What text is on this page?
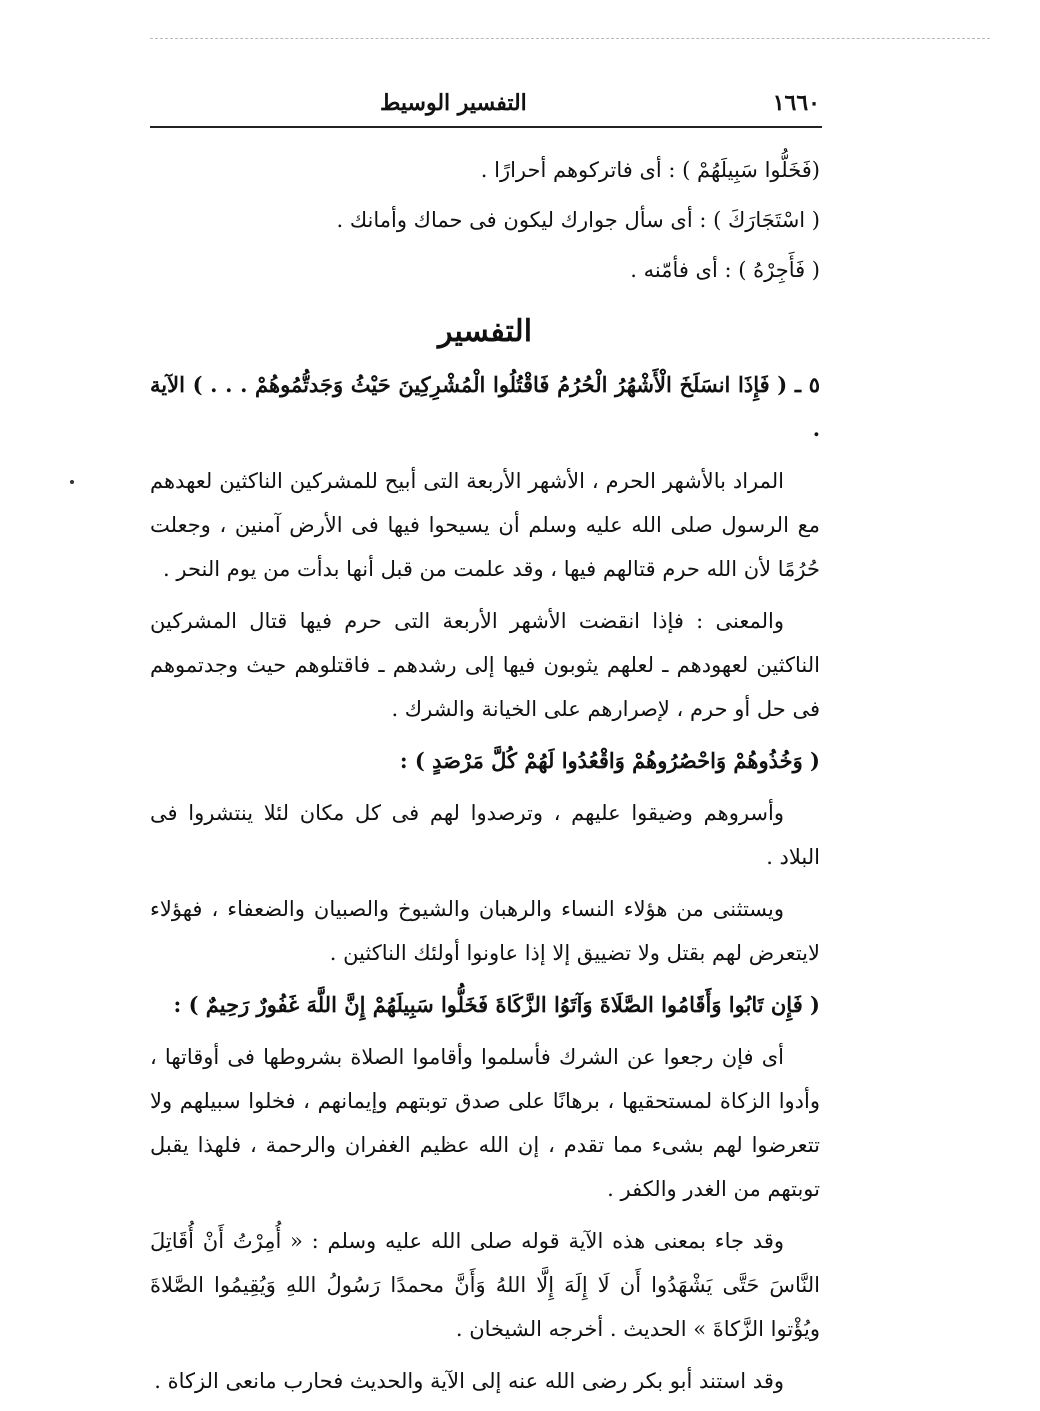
١٦٦٠
التفسير الوسيط

(فَخَلُّوا سَبِيلَهُمْ ) : أى فاتركوهم أحرارًا .

( اسْتَجَارَكَ ) : أى سأل جوارك ليكون فى حماك وأمانك .

( فَأَجِرْهُ ) : أى فأمّنه .

التفسير

٥ ـ ( فَإِذَا انسَلَخَ الْأَشْهُرُ الْحُرُمُ فَاقْتُلُوا الْمُشْرِكِينَ حَيْثُ وَجَدتُّمُوهُمْ . . . ) الآية .

المراد بالأشهر الحرم ، الأشهر الأربعة التى أبيح للمشركين الناكثين لعهدهم مع الرسول صلى الله عليه وسلم أن يسيحوا فيها فى الأرض آمنين ، وجعلت حُرُمًا لأن الله حرم قتالهم فيها ، وقد علمت من قبل أنها بدأت من يوم النحر .

والمعنى : فإذا انقضت الأشهر الأربعة التى حرم فيها قتال المشركين الناكثين لعهودهم ـ لعلهم يثوبون فيها إلى رشدهم ـ فاقتلوهم حيث وجدتموهم فى حل أو حرم ، لإصرارهم على الخيانة والشرك .

( وَخُذُوهُمْ وَاحْصُرُوهُمْ وَاقْعُدُوا لَهُمْ كُلَّ مَرْصَدٍ ) :

وأسروهم وضيقوا عليهم ، وترصدوا لهم فى كل مكان لئلا ينتشروا فى البلاد .

ويستثنى من هؤلاء النساء والرهبان والشيوخ والصبيان والضعفاء ، فهؤلاء لايتعرض لهم بقتل ولا تضييق إلا إذا عاونوا أولئك الناكثين .

( فَإِن تَابُوا وَأَقَامُوا الصَّلَاةَ وَآتَوُا الزَّكَاةَ فَخَلُّوا سَبِيلَهُمْ إِنَّ اللَّهَ غَفُورٌ رَحِيمٌ ) :

أى فإن رجعوا عن الشرك فأسلموا وأقاموا الصلاة بشروطها فى أوقاتها ، وأدوا الزكاة لمستحقيها ، برهانًا على صدق توبتهم وإيمانهم ، فخلوا سبيلهم ولا تتعرضوا لهم بشىء مما تقدم ، إن الله عظيم الغفران والرحمة ، فلهذا يقبل توبتهم من الغدر والكفر .

وقد جاء بمعنى هذه الآية قوله صلى الله عليه وسلم : « أُمِرْتُ أَنْ أُقَاتِلَ النَّاسَ حَتَّى يَشْهَدُوا أَن لَا إِلَهَ إِلَّا اللهُ وَأَنَّ محمدًا رَسُولُ اللهِ وَيُقِيمُوا الصَّلاةَ ويُؤْتوا الزَّكاةَ » الحديث . أخرجه الشيخان .

وقد استند أبو بكر رضى الله عنه إلى الآية والحديث فحارب مانعى الزكاة .
